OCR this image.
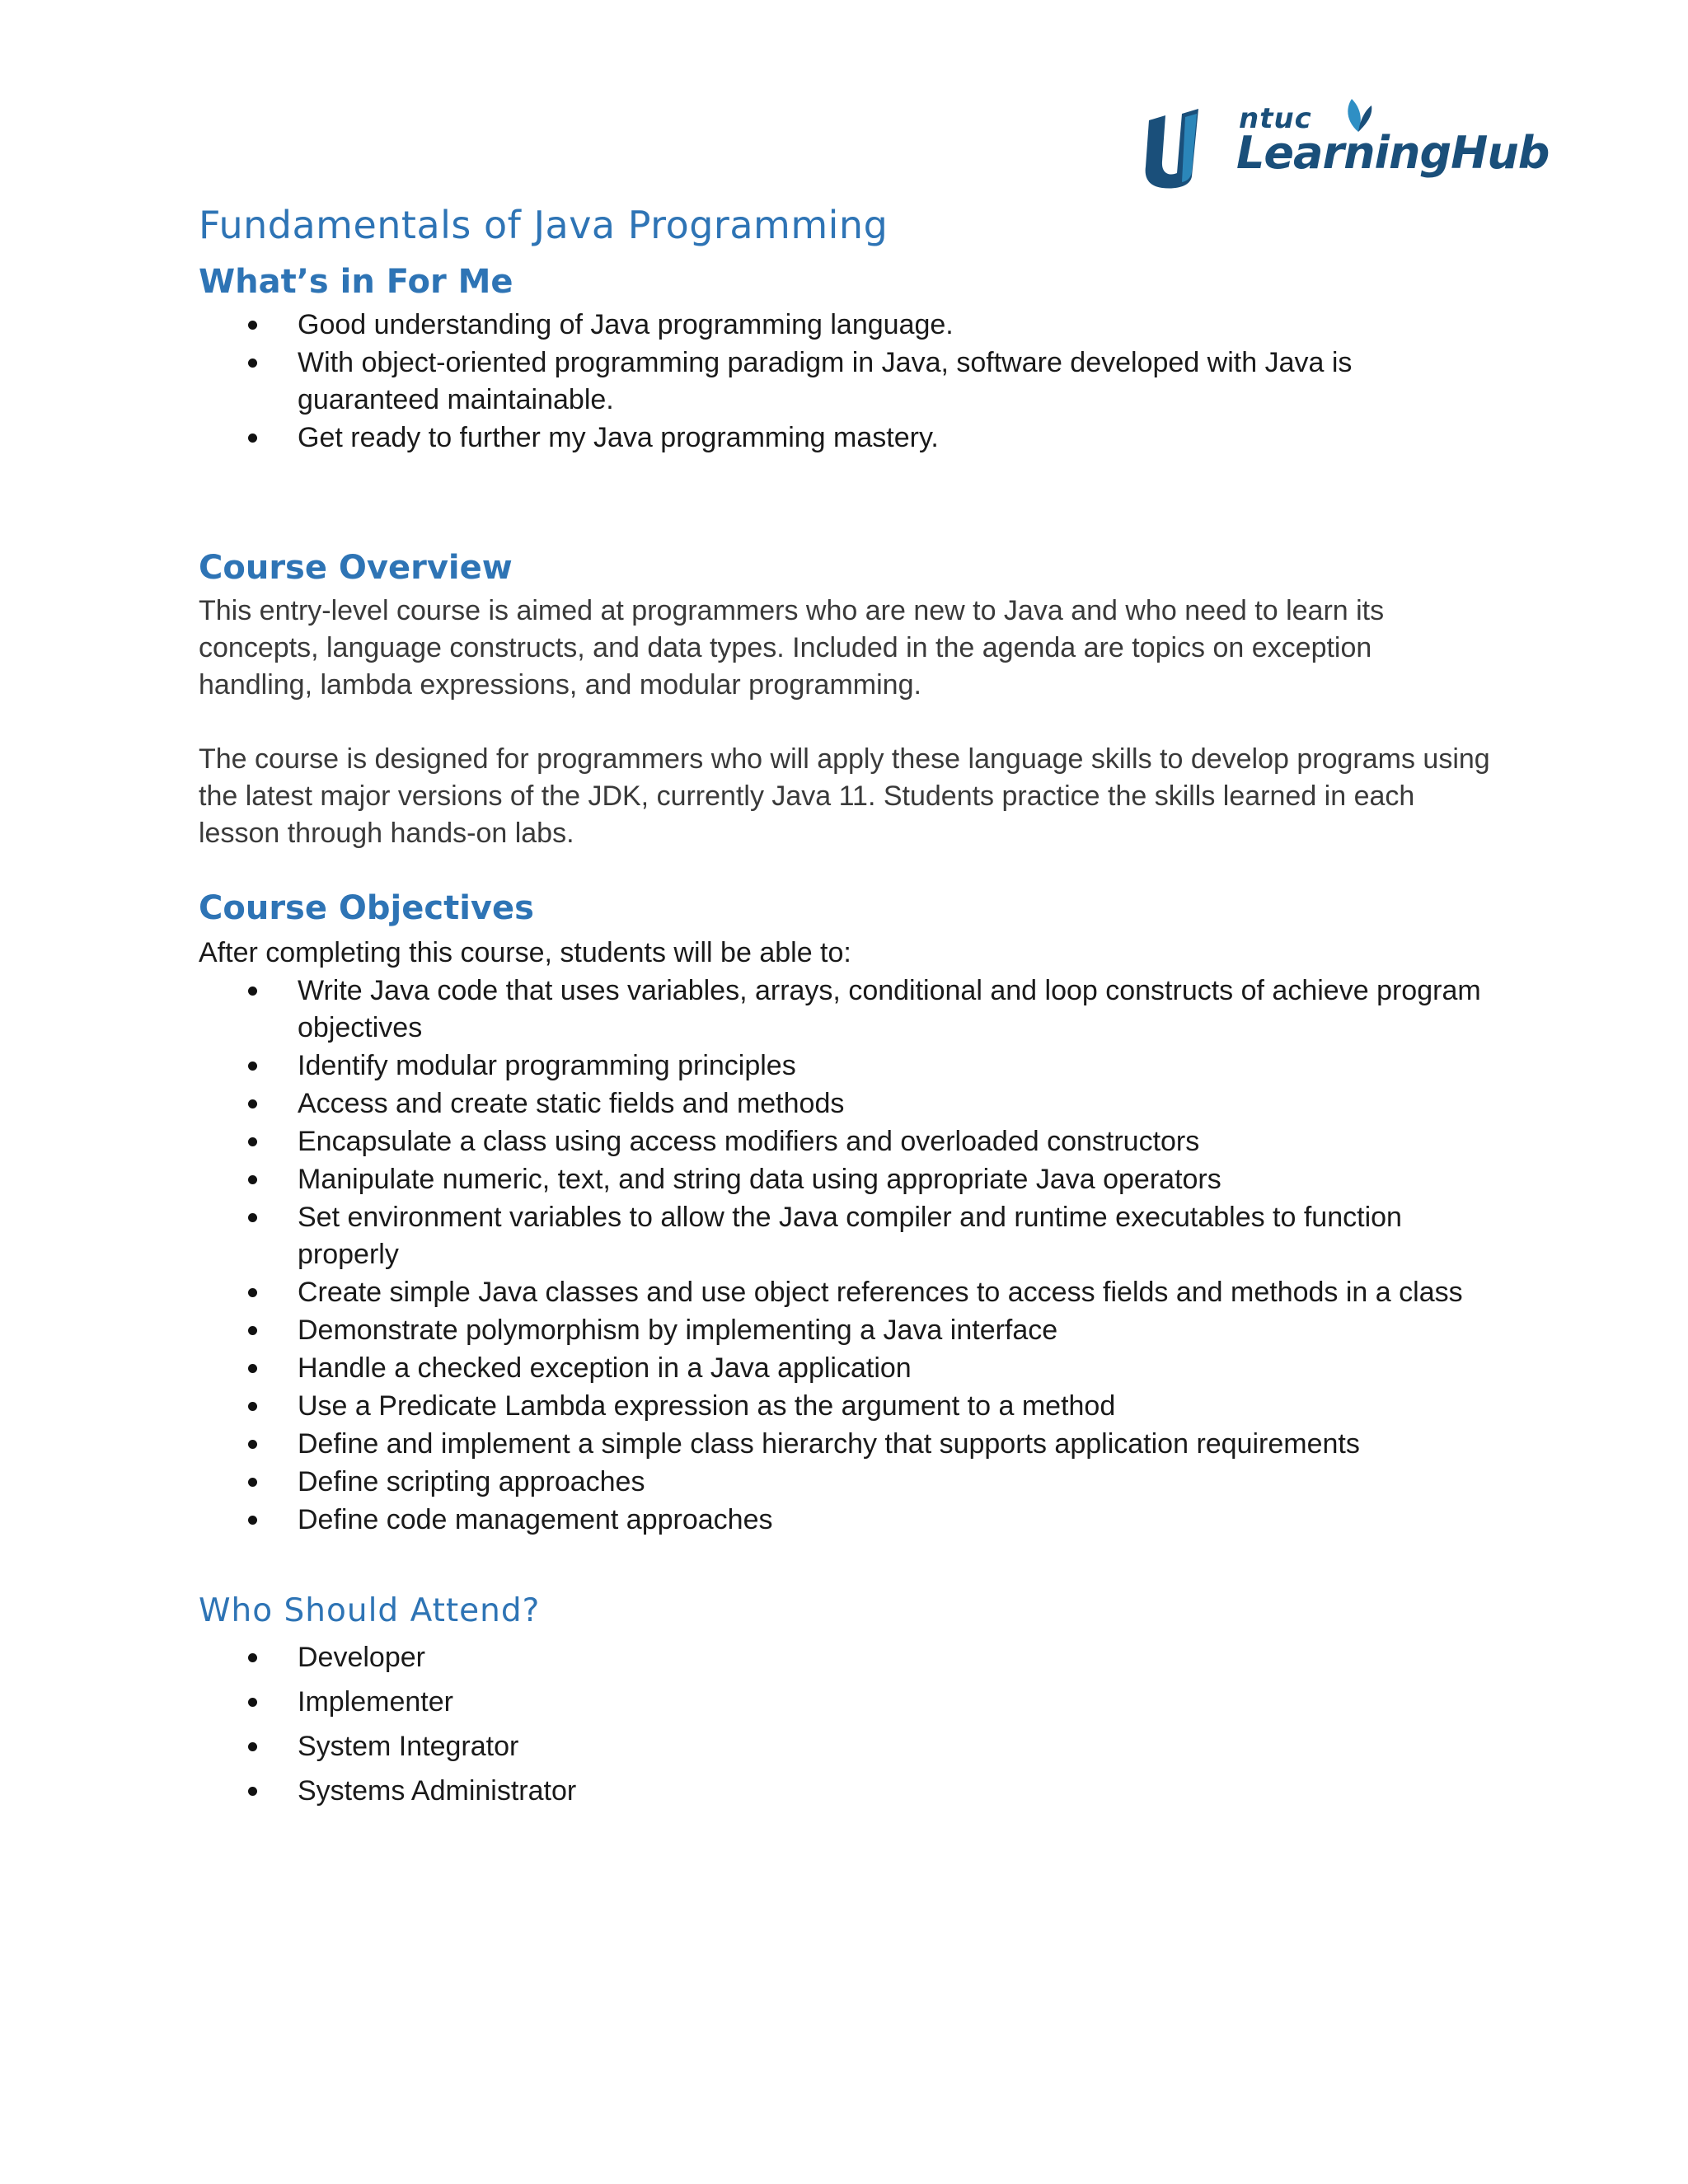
ntuc
LearningHub
Fundamentals of Java Programming
What’s in For Me
Good understanding of Java programming language.
With object-oriented programming paradigm in Java, software developed with Java is guaranteed maintainable.
Get ready to further my Java programming mastery.
Course Overview

This entry-level course is aimed at programmers who are new to Java and who need to learn its concepts, language constructs, and data types. Included in the agenda are topics on exception handling, lambda expressions, and modular programming.

The course is designed for programmers who will apply these language skills to develop programs using the latest major versions of the JDK, currently Java 11. Students practice the skills learned in each lesson through hands-on labs.

Course Objectives

After completing this course, students will be able to:

Write Java code that uses variables, arrays, conditional and loop constructs of achieve program objectives
Identify modular programming principles
Access and create static fields and methods
Encapsulate a class using access modifiers and overloaded constructors
Manipulate numeric, text, and string data using appropriate Java operators
Set environment variables to allow the Java compiler and runtime executables to function properly
Create simple Java classes and use object references to access fields and methods in a class
Demonstrate polymorphism by implementing a Java interface
Handle a checked exception in a Java application
Use a Predicate Lambda expression as the argument to a method
Define and implement a simple class hierarchy that supports application requirements
Define scripting approaches
Define code management approaches
Who Should Attend?
Developer
Implementer
System Integrator
Systems Administrator
